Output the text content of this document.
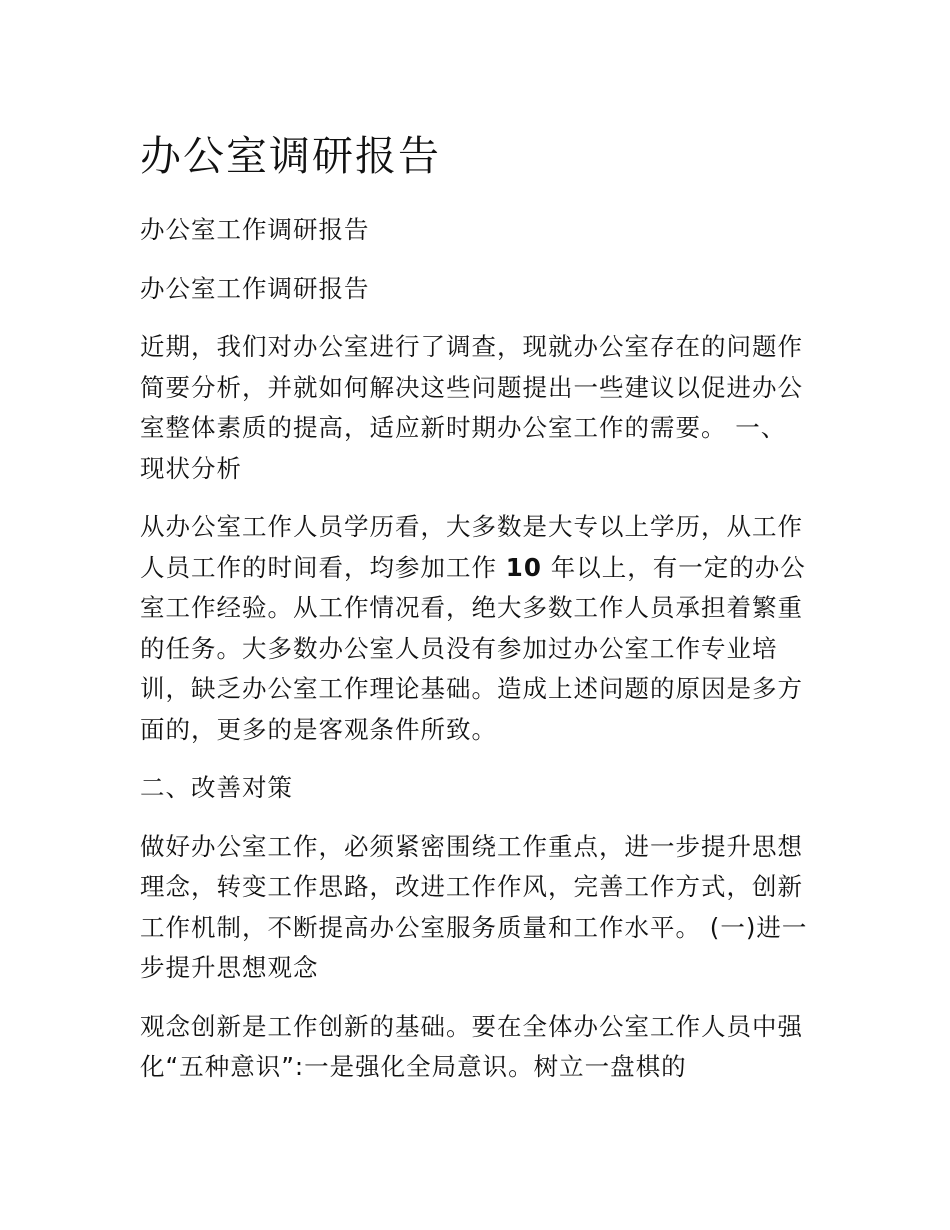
办公室调研报告

办公室工作调研报告

办公室工作调研报告

近期，我们对办公室进行了调查，现就办公室存在的问题作简要分析，并就如何解决这些问题提出一些建议以促进办公室整体素质的提高，适应新时期办公室工作的需要。 一、 现状分析

从办公室工作人员学历看，大多数是大专以上学历，从工作人员工作的时间看，均参加工作 10 年以上，有一定的办公室工作经验。从工作情况看，绝大多数工作人员承担着繁重的任务。大多数办公室人员没有参加过办公室工作专业培训，缺乏办公室工作理论基础。造成上述问题的原因是多方面的，更多的是客观条件所致。

二、改善对策

做好办公室工作，必须紧密围绕工作重点，进一步提升思想理念，转变工作思路，改进工作作风，完善工作方式，创新工作机制，不断提高办公室服务质量和工作水平。 (一)进一步提升思想观念

观念创新是工作创新的基础。要在全体办公室工作人员中强化“五种意识”:一是强化全局意识。树立一盘棋的
